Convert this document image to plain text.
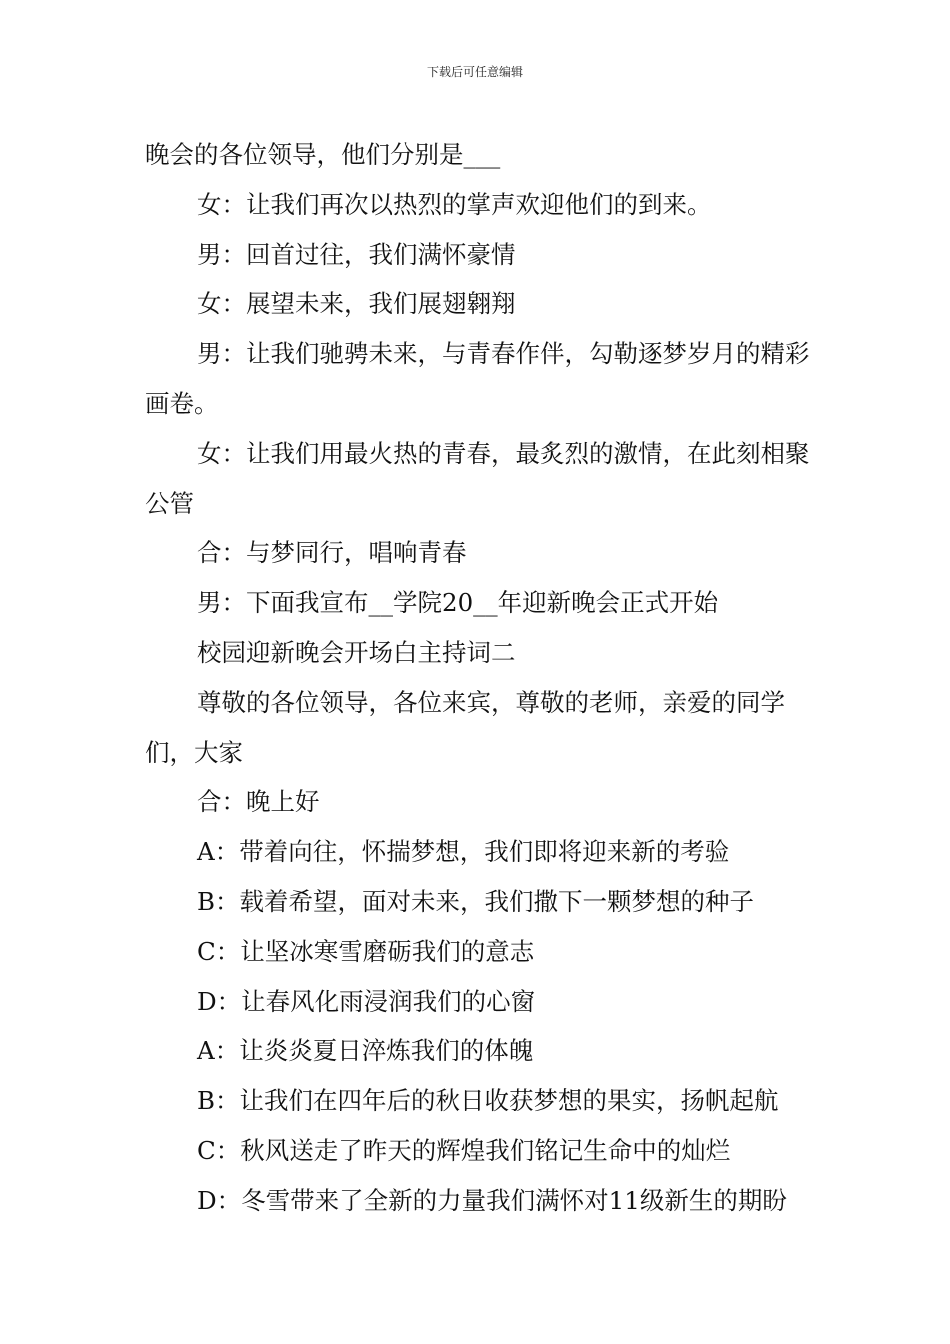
下载后可任意编辑

晚会的各位领导，他们分别是___

女：让我们再次以热烈的掌声欢迎他们的到来。

男：回首过往，我们满怀豪情

女：展望未来，我们展翅翱翔

男：让我们驰骋未来，与青春作伴，勾勒逐梦岁月的精彩画卷。

女：让我们用最火热的青春，最炙烈的激情，在此刻相聚公管

合：与梦同行，唱响青春

男：下面我宣布__学院20__年迎新晚会正式开始

校园迎新晚会开场白主持词二

尊敬的各位领导，各位来宾，尊敬的老师，亲爱的同学们，大家

合：晚上好

A：带着向往，怀揣梦想，我们即将迎来新的考验

B：载着希望，面对未来，我们撒下一颗梦想的种子

C：让坚冰寒雪磨砺我们的意志

D：让春风化雨浸润我们的心窗

A：让炎炎夏日淬炼我们的体魄

B：让我们在四年后的秋日收获梦想的果实，扬帆起航

C：秋风送走了昨天的辉煌我们铭记生命中的灿烂

D：冬雪带来了全新的力量我们满怀对11级新生的期盼
